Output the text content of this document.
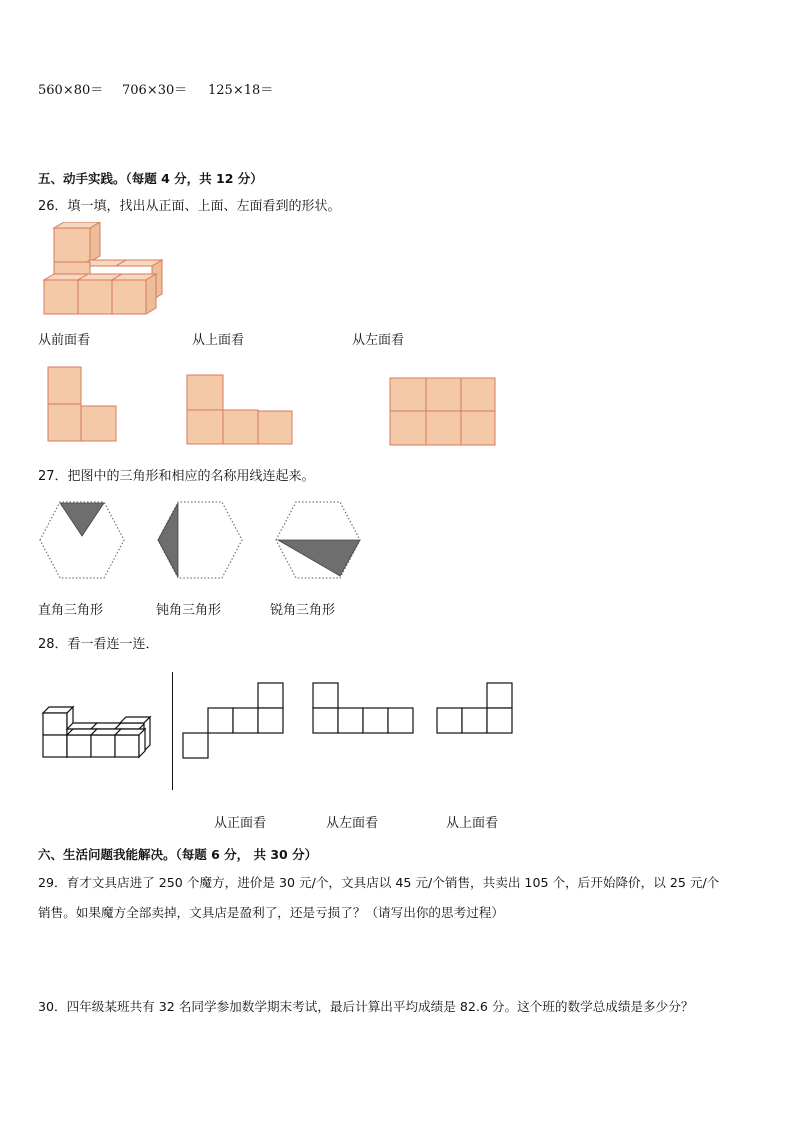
560×80＝ 706×30＝ 125×18＝
五、动手实践。（每题 4 分，共 12 分）
26．填一填，找出从正面、上面、左面看到的形状。
从前面看	从上面看	从左面看
27．把图中的三角形和相应的名称用线连起来。
直角三角形	钝角三角形	锐角三角形
28．看一看连一连．
从正面看	从左面看	从上面看
六、生活问题我能解决。（每题 6 分， 共 30 分）
29．育才文具店进了 250 个魔方，进价是 30 元/个，文具店以 45 元/个销售，共卖出 105 个，后开始降价，以 25 元/个
销售。如果魔方全部卖掉，文具店是盈利了，还是亏损了？（请写出你的思考过程）
30．四年级某班共有 32 名同学参加数学期末考试，最后计算出平均成绩是 82.6 分。这个班的数学总成绩是多少分？
